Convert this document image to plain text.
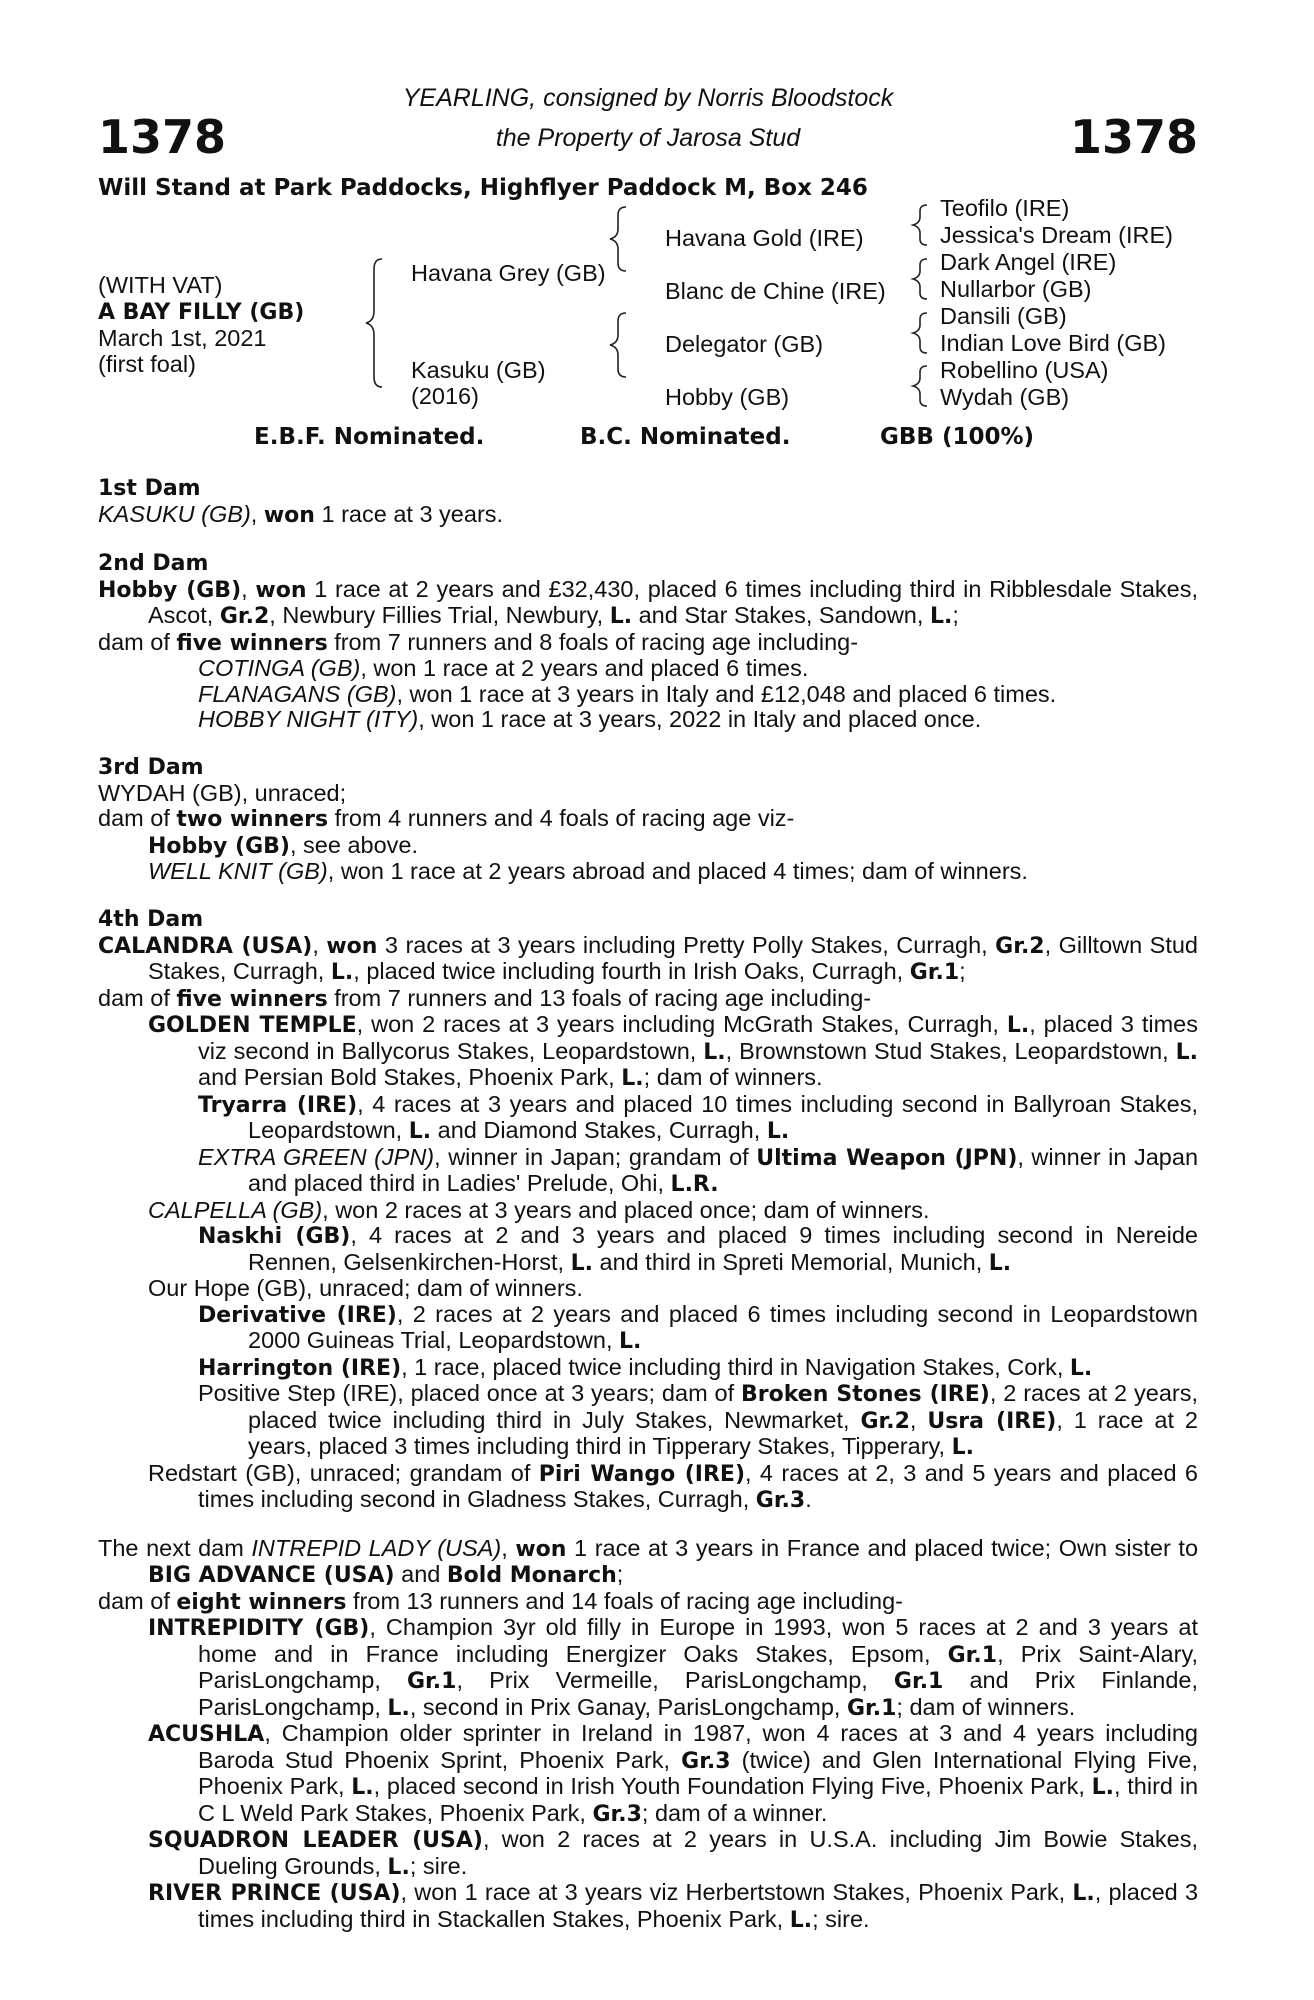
1378
YEARLING, consigned by Norris Bloodstock
the Property of Jarosa Stud	1378

Will Stand at Park Paddocks, Highflyer Paddock M, Box 246

(WITH VAT)
A BAY FILLY (GB)
March 1st, 2021
(first foal)
Havana Grey (GB)
Kasuku (GB)
(2016)
Havana Gold (IRE)
Blanc de Chine (IRE)
Delegator (GB)
Hobby (GB)
Teofilo (IRE)
Jessica's Dream (IRE)
Dark Angel (IRE)
Nullarbor (GB)
Dansili (GB)
Indian Love Bird (GB)
Robellino (USA)
Wydah (GB)
E.B.F. Nominated.	B.C. Nominated.	GBB (100%)

1st Dam

KASUKU (GB), won 1 race at 3 years.

2nd Dam

Hobby (GB), won 1 race at 2 years and £32,430, placed 6 times including third in Ribblesdale Stakes, Ascot, Gr.2, Newbury Fillies Trial, Newbury, L. and Star Stakes, Sandown, L.;

dam of five winners from 7 runners and 8 foals of racing age including-

COTINGA (GB), won 1 race at 2 years and placed 6 times.

FLANAGANS (GB), won 1 race at 3 years in Italy and £12,048 and placed 6 times.

HOBBY NIGHT (ITY), won 1 race at 3 years, 2022 in Italy and placed once.

3rd Dam

WYDAH (GB), unraced;

dam of two winners from 4 runners and 4 foals of racing age viz-

Hobby (GB), see above.

WELL KNIT (GB), won 1 race at 2 years abroad and placed 4 times; dam of winners.

4th Dam

CALANDRA (USA), won 3 races at 3 years including Pretty Polly Stakes, Curragh, Gr.2, Gilltown Stud Stakes, Curragh, L., placed twice including fourth in Irish Oaks, Curragh, Gr.1;

dam of five winners from 7 runners and 13 foals of racing age including-

GOLDEN TEMPLE, won 2 races at 3 years including McGrath Stakes, Curragh, L., placed 3 times viz second in Ballycorus Stakes, Leopardstown, L., Brownstown Stud Stakes, Leopardstown, L. and Persian Bold Stakes, Phoenix Park, L.; dam of winners.

Tryarra (IRE), 4 races at 3 years and placed 10 times including second in Ballyroan Stakes, Leopardstown, L. and Diamond Stakes, Curragh, L.

EXTRA GREEN (JPN), winner in Japan; grandam of Ultima Weapon (JPN), winner in Japan and placed third in Ladies' Prelude, Ohi, L.R.

CALPELLA (GB), won 2 races at 3 years and placed once; dam of winners.

Naskhi (GB), 4 races at 2 and 3 years and placed 9 times including second in Nereide Rennen, Gelsenkirchen-Horst, L. and third in Spreti Memorial, Munich, L.

Our Hope (GB), unraced; dam of winners.

Derivative (IRE), 2 races at 2 years and placed 6 times including second in Leopardstown 2000 Guineas Trial, Leopardstown, L.

Harrington (IRE), 1 race, placed twice including third in Navigation Stakes, Cork, L.

Positive Step (IRE), placed once at 3 years; dam of Broken Stones (IRE), 2 races at 2 years, placed twice including third in July Stakes, Newmarket, Gr.2, Usra (IRE), 1 race at 2 years, placed 3 times including third in Tipperary Stakes, Tipperary, L.

Redstart (GB), unraced; grandam of Piri Wango (IRE), 4 races at 2, 3 and 5 years and placed 6 times including second in Gladness Stakes, Curragh, Gr.3.

The next dam INTREPID LADY (USA), won 1 race at 3 years in France and placed twice; Own sister to BIG ADVANCE (USA) and Bold Monarch;

dam of eight winners from 13 runners and 14 foals of racing age including-

INTREPIDITY (GB), Champion 3yr old filly in Europe in 1993, won 5 races at 2 and 3 years at home and in France including Energizer Oaks Stakes, Epsom, Gr.1, Prix Saint-Alary, ParisLongchamp, Gr.1, Prix Vermeille, ParisLongchamp, Gr.1 and Prix Finlande, ParisLongchamp, L., second in Prix Ganay, ParisLongchamp, Gr.1; dam of winners.

ACUSHLA, Champion older sprinter in Ireland in 1987, won 4 races at 3 and 4 years including Baroda Stud Phoenix Sprint, Phoenix Park, Gr.3 (twice) and Glen International Flying Five, Phoenix Park, L., placed second in Irish Youth Foundation Flying Five, Phoenix Park, L., third in C L Weld Park Stakes, Phoenix Park, Gr.3; dam of a winner.

SQUADRON LEADER (USA), won 2 races at 2 years in U.S.A. including Jim Bowie Stakes, Dueling Grounds, L.; sire.

RIVER PRINCE (USA), won 1 race at 3 years viz Herbertstown Stakes, Phoenix Park, L., placed 3 times including third in Stackallen Stakes, Phoenix Park, L.; sire.
